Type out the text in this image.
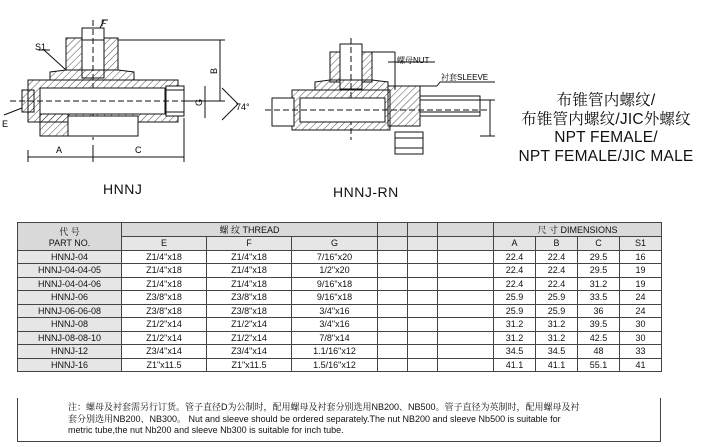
F
S1
E
A	C
B
G	74°
螺母NUT
衬套SLEEVE
HNNJ	HNNJ-RN
布锥管内螺纹/
布锥管内螺纹/JIC外螺纹
NPT FEMALE/
NPT FEMALE/JIC MALE
代 号
PART NO.	螺 纹 THREAD						尺 寸 DIMENSIONS			
	E	F	G				A	B	C	S1
HNNJ-04	Z1/4"x18	Z1/4"x18	7/16"x20				22.4	22.4	29.5	16
HNNJ-04-04-05	Z1/4"x18	Z1/4"x18	1/2"x20				22.4	22.4	29.5	19
HNNJ-04-04-06	Z1/4"x18	Z1/4"x18	9/16"x18				22.4	22.4	31.2	19
HNNJ-06	Z3/8"x18	Z3/8"x18	9/16"x18				25.9	25.9	33.5	24
HNNJ-06-06-08	Z3/8"x18	Z3/8"x18	3/4"x16				25.9	25.9	36	24
HNNJ-08	Z1/2"x14	Z1/2"x14	3/4"x16				31.2	31.2	39.5	30
HNNJ-08-08-10	Z1/2"x14	Z1/2"x14	7/8"x14				31.2	31.2	42.5	30
HNNJ-12	Z3/4"x14	Z3/4"x14	1.1/16"x12				34.5	34.5	48	33
HNNJ-16	Z1"x11.5	Z1"x11.5	1.5/16"x12				41.1	41.1	55.1	41
注：螺母及衬套需另行订货。管子直径D为公制时，配用螺母及衬套分别选用NB200、NB500。管子直径为英制时，配用螺母及衬
套分别选用NB200、NB300。 Nut and sleeve should be ordered separately.The nut NB200 and sleeve Nb500 is suitable for
metric tube,the nut Nb200 and sleeve Nb300 is suitable for inch tube.
